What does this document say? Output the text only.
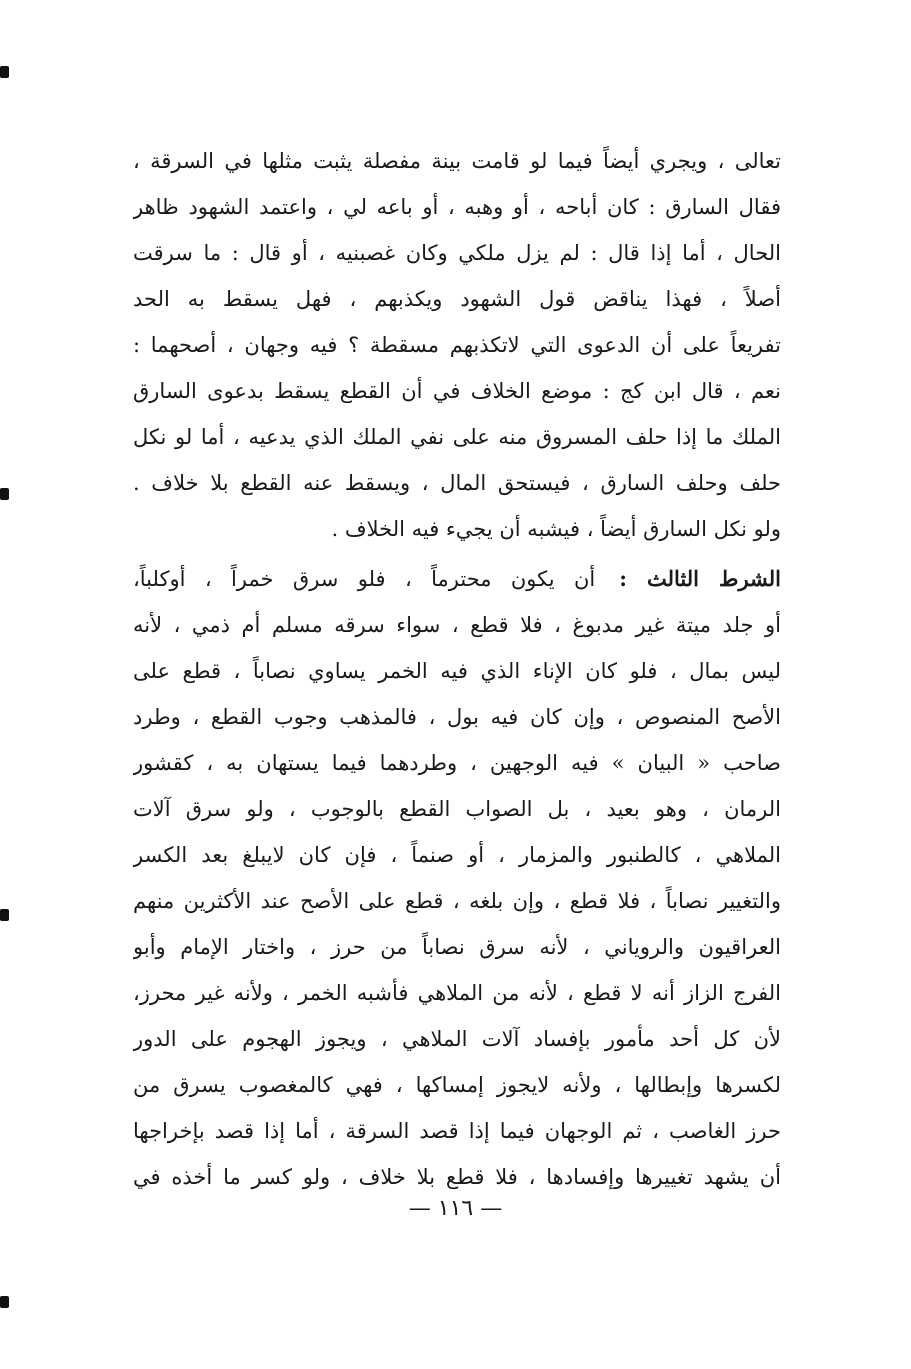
تعالى ، ويجري أيضاً فيما لو قامت بينة مفصلة يثبت مثلها في السرقة ،
فقال السارق : كان أباحه ، أو وهبه ، أو باعه لي ، واعتمد الشهود ظاهر
الحال ، أما إذا قال : لم يزل ملكي وكان غصبنيه ، أو قال : ما سرقت
أصلاً ، فهذا يناقض قول الشهود ويكذبهم ، فهل يسقط به الحد
تفريعاً على أن الدعوى التي لاتكذبهم مسقطة ؟ فيه وجهان ، أصحهما :
نعم ، قال ابن كج : موضع الخلاف في أن القطع يسقط بدعوى السارق
الملك ما إذا حلف المسروق منه على نفي الملك الذي يدعيه ، أما لو نكل
حلف وحلف السارق ، فيستحق المال ، ويسقط عنه القطع بلا خلاف .
ولو نكل السارق أيضاً ، فيشبه أن يجيء فيه الخلاف .
الشرط الثالث :أن يكون محترماً ، فلو سرق خمراً ، أوكلباً،
أو جلد ميتة غير مدبوغ ، فلا قطع ، سواء سرقه مسلم أم ذمي ، لأنه
ليس بمال ، فلو كان الإناء الذي فيه الخمر يساوي نصاباً ، قطع على
الأصح المنصوص ، وإن كان فيه بول ، فالمذهب وجوب القطع ، وطرد
صاحب « البيان » فيه الوجهين ، وطردهما فيما يستهان به ، كقشور
الرمان ، وهو بعيد ، بل الصواب القطع بالوجوب ، ولو سرق آلات
الملاهي ، كالطنبور والمزمار ، أو صنماً ، فإن كان لايبلغ بعد الكسر
والتغيير نصاباً ، فلا قطع ، وإن بلغه ، قطع على الأصح عند الأكثرين منهم
العراقيون والروياني ، لأنه سرق نصاباً من حرز ، واختار الإمام وأبو
الفرج الزاز أنه لا قطع ، لأنه من الملاهي فأشبه الخمر ، ولأنه غير محرز،
لأن كل أحد مأمور بإفساد آلات الملاهي ، ويجوز الهجوم على الدور
لكسرها وإبطالها ، ولأنه لايجوز إمساكها ، فهي كالمغصوب يسرق من
حرز الغاصب ، ثم الوجهان فيما إذا قصد السرقة ، أما إذا قصد بإخراجها
أن يشهد تغييرها وإفسادها ، فلا قطع بلا خلاف ، ولو كسر ما أخذه في
— ١١٦ —
